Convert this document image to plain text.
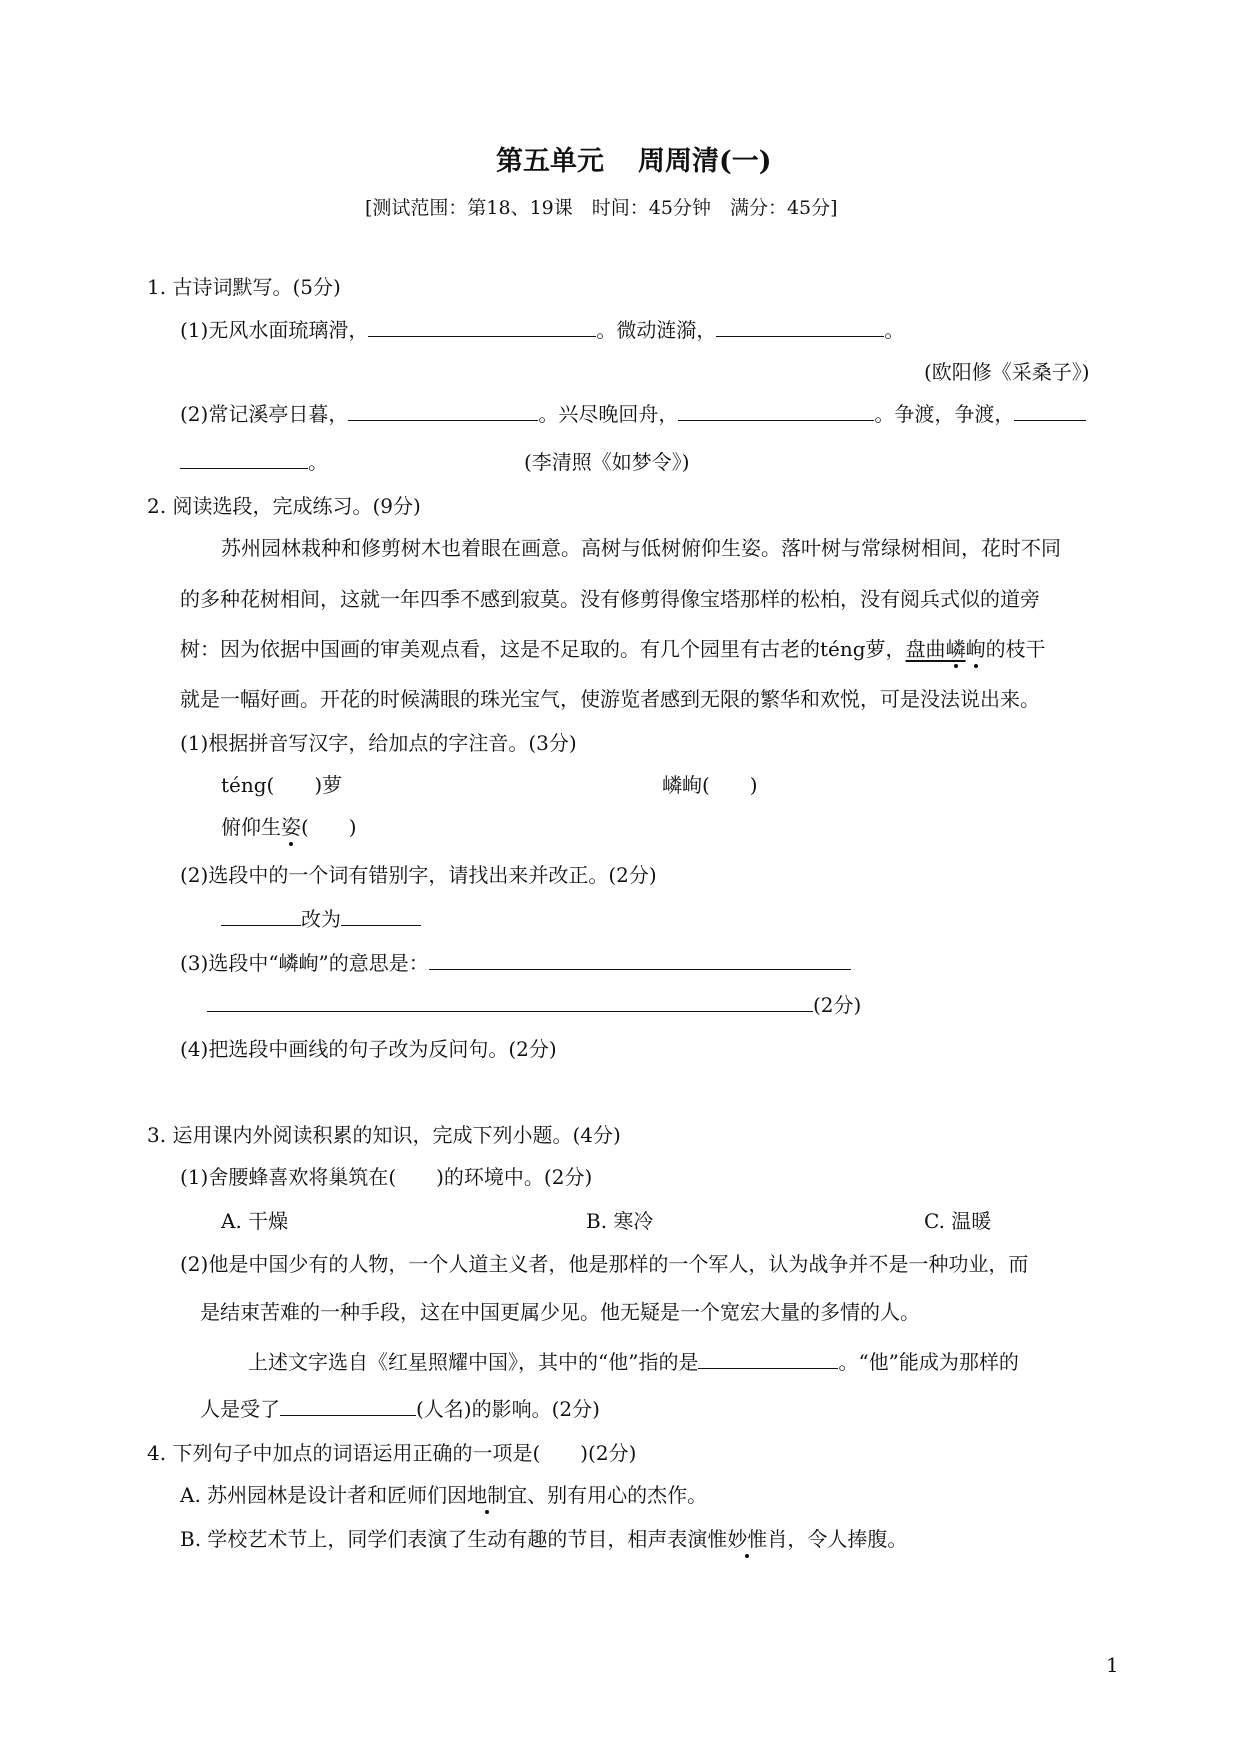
第五单元 周周清(一)
[测试范围：第18、19课　时间：45分钟　满分：45分]
1. 古诗词默写。(5分)
(1)无风水面琉璃滑，	。微动涟漪，	。
(欧阳修《采桑子》)
(2)常记溪亭日暮，	。兴尽晚回舟，	。争渡，争渡，
。	(李清照《如梦令》)
2. 阅读选段，完成练习。(9分)
苏州园林栽种和修剪树木也着眼在画意。高树与低树俯仰生姿。落叶树与常绿树相间，花时不同
的多种花树相间，这就一年四季不感到寂莫。没有修剪得像宝塔那样的松柏，没有阅兵式似的道旁
树：因为依据中国画的审美观点看，这是不足取的。有几个园里有古老的téng萝，盘曲嶙峋的枝干
就是一幅好画。开花的时候满眼的珠光宝气，使游览者感到无限的繁华和欢悦，可是没法说出来。
(1)根据拼音写汉字，给加点的字注音。(3分)
téng(　　)萝	嶙峋(　　)
俯仰生姿(　　)
(2)选段中的一个词有错别字，请找出来并改正。(2分)
改为
(3)选段中“嶙峋”的意思是：
(2分)
(4)把选段中画线的句子改为反问句。(2分)
3. 运用课内外阅读积累的知识，完成下列小题。(4分)
(1)舍腰蜂喜欢将巢筑在(　　)的环境中。(2分)
A. 干燥	B. 寒冷	C. 温暖
(2)他是中国少有的人物，一个人道主义者，他是那样的一个军人，认为战争并不是一种功业，而
是结束苦难的一种手段，这在中国更属少见。他无疑是一个宽宏大量的多情的人。
上述文字选自《红星照耀中国》，其中的“他”指的是	。“他”能成为那样的
人是受了	(人名)的影响。(2分)
4. 下列句子中加点的词语运用正确的一项是(　　)(2分)
A. 苏州园林是设计者和匠师们因地制宜、别有用心的杰作。
B. 学校艺术节上，同学们表演了生动有趣的节目，相声表演惟妙惟肖，令人捧腹。
1
